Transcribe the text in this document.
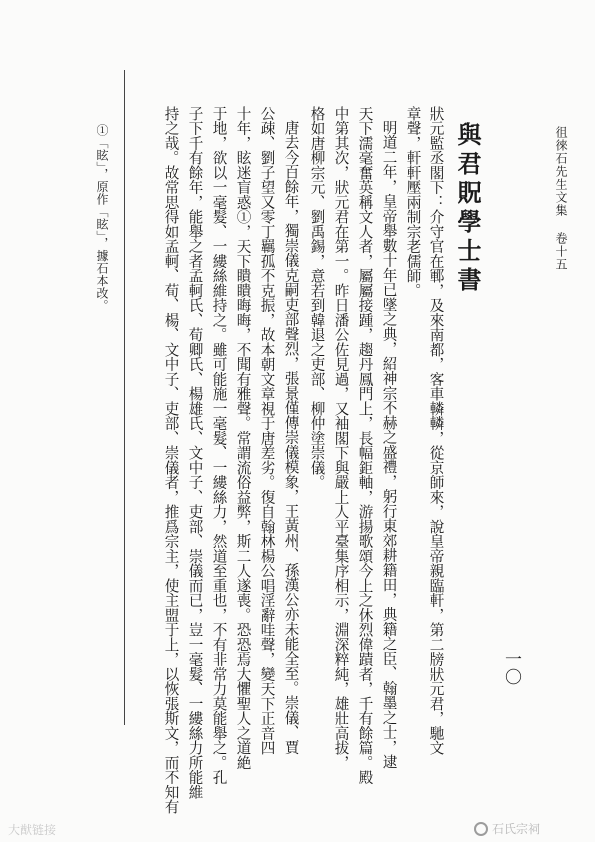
徂徠石先生文集
卷十五
與君貺學士書
狀元監丞閣下：介守官在鄆，及來南都，客車轔轔，從京師來，說皇帝親臨軒，第二牓狀元君，馳文
章聲，軒軒壓兩制宗老儒師。
明道二年，皇帝舉數十年已墜之典，紹神宗不赫之盛禮，躬行東郊耕籍田，典籍之臣、翰墨之士，逮
天下濡毫奮英稱文人者，屬屬接踵，趨丹鳳門上，長幅鉅軸，游揚歌頌今上之休烈偉蹟者，千有餘篇。殿
中第其次，狀元君在第一。昨日潘公佐見過，又袖閣下與嚴上人平臺集序相示，淵深粹純，雄壯高拔，
格如唐柳宗元、劉禹錫，意若到韓退之吏部、柳仲塗崇儀。
唐去今百餘年，獨崇儀克嗣吏部聲烈，張景僅傳崇儀模象，王黃州、孫漢公亦未能全至。崇儀、賈
公疎、劉子望又零丁羈孤不克振，故本朝文章視于唐差劣。復自翰林楊公唱淫辭哇聲，變天下正音四
十年，眩迷盲惑①，天下瞶瞶晦晦，不聞有雅聲。常謂流俗益弊，斯二人遂喪。恐恐焉大懼聖人之道絶
于地，欲以一毫髮、一縷絲維持之。雖可能施一毫髮、一縷絲力，然道至重也，不有非常力莫能舉之。孔
子下千有餘年，能舉之者孟軻氏、荀卿氏、楊雄氏、文中子、吏部、崇儀而已，豈一毫髮、一縷絲力所能維
持之哉。故常思得如孟軻、荀、楊、文中子、吏部、崇儀者，推爲宗主，使主盟于上，以恢張斯文，而不知有
①「眩」，原作「眩」，據石本改。
一〇
大猷链接	石氏宗祠
